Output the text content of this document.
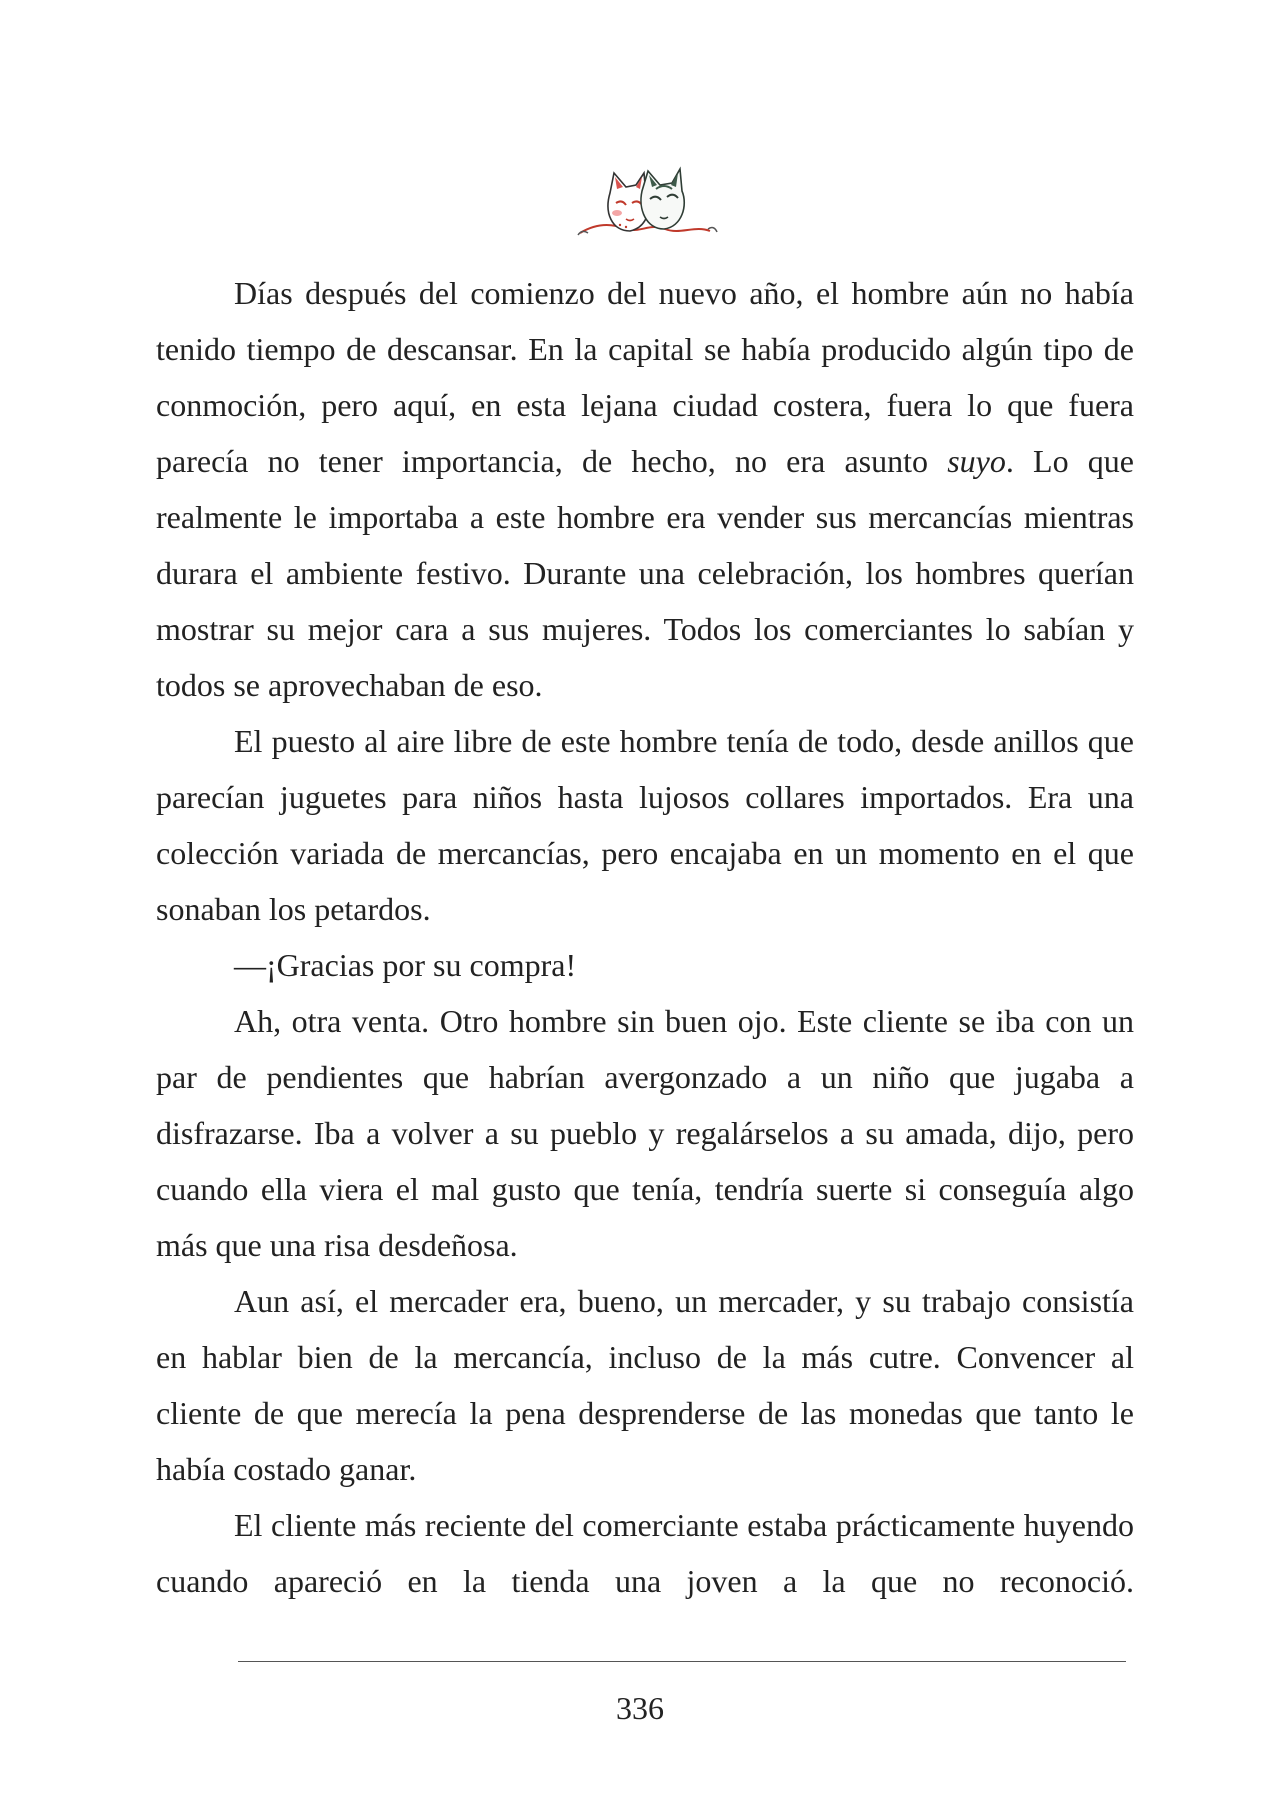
Días después del comienzo del nuevo año, el hombre aún no había tenido tiempo de descansar. En la capital se había producido algún tipo de conmoción, pero aquí, en esta lejana ciudad costera, fuera lo que fuera parecía no tener importancia, de hecho, no era asunto suyo. Lo que realmente le importaba a este hombre era vender sus mercancías mientras durara el ambiente festivo. Durante una celebración, los hombres querían mostrar su mejor cara a sus mujeres. Todos los comerciantes lo sabían y todos se aprovechaban de eso.

El puesto al aire libre de este hombre tenía de todo, desde anillos que parecían juguetes para niños hasta lujosos collares importados. Era una colección variada de mercancías, pero encajaba en un momento en el que sonaban los petardos.

—¡Gracias por su compra!

Ah, otra venta. Otro hombre sin buen ojo. Este cliente se iba con un par de pendientes que habrían avergonzado a un niño que jugaba a disfrazarse. Iba a volver a su pueblo y regalárselos a su amada, dijo, pero cuando ella viera el mal gusto que tenía, tendría suerte si conseguía algo más que una risa desdeñosa.

Aun así, el mercader era, bueno, un mercader, y su trabajo consistía en hablar bien de la mercancía, incluso de la más cutre. Convencer al cliente de que merecía la pena desprenderse de las monedas que tanto le había costado ganar.

El cliente más reciente del comerciante estaba prácticamente huyendo cuando apareció en la tienda una joven a la que no reconoció.

336
